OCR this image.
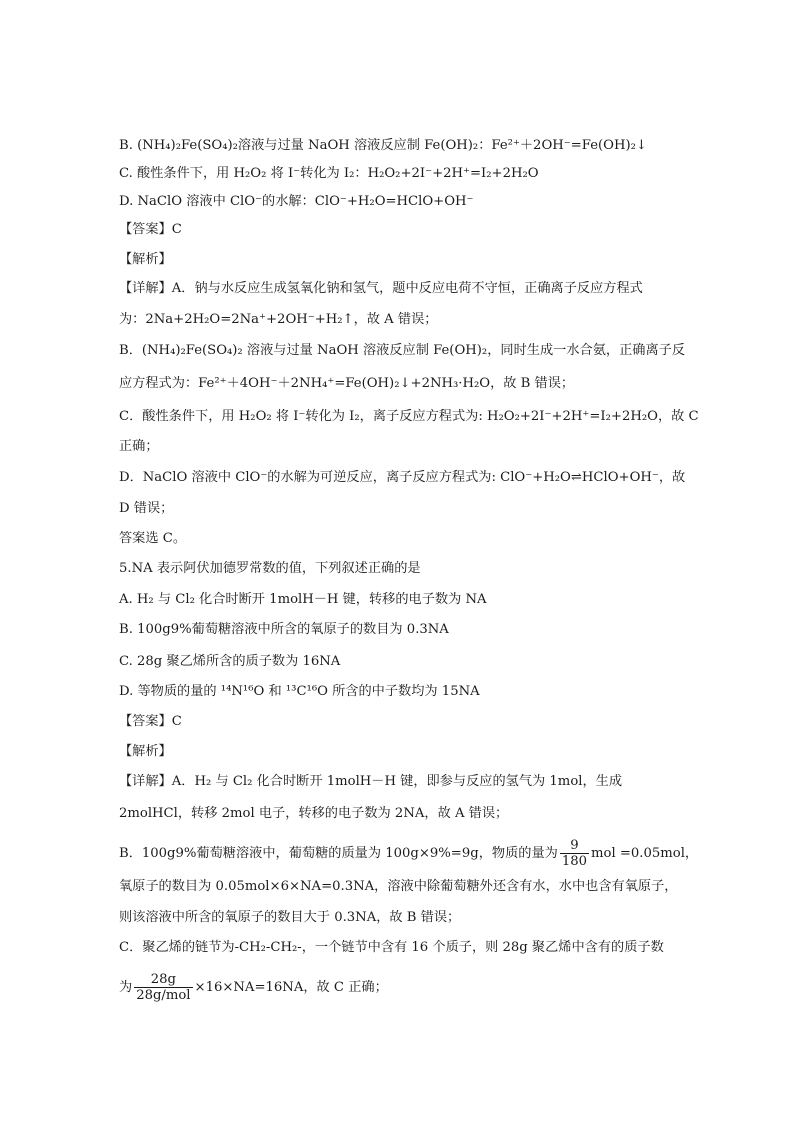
B. (NH₄)₂Fe(SO₄)₂溶液与过量 NaOH 溶液反应制 Fe(OH)₂：Fe²⁺＋2OH⁻=Fe(OH)₂↓
C. 酸性条件下，用 H₂O₂ 将 I⁻转化为 I₂：H₂O₂+2I⁻+2H⁺=I₂+2H₂O
D. NaClO 溶液中 ClO⁻的水解：ClO⁻+H₂O=HClO+OH⁻
【答案】C
【解析】
【详解】A．钠与水反应生成氢氧化钠和氢气，题中反应电荷不守恒，正确离子反应方程式
为：2Na+2H₂O=2Na⁺+2OH⁻+H₂↑，故 A 错误；
B．(NH₄)₂Fe(SO₄)₂ 溶液与过量 NaOH 溶液反应制 Fe(OH)₂，同时生成一水合氨，正确离子反
应方程式为：Fe²⁺＋4OH⁻＋2NH₄⁺=Fe(OH)₂↓+2NH₃·H₂O，故 B 错误；
C．酸性条件下，用 H₂O₂ 将 I⁻转化为 I₂，离子反应方程式为: H₂O₂+2I⁻+2H⁺=I₂+2H₂O，故 C
正确；
D．NaClO 溶液中 ClO⁻的水解为可逆反应，离子反应方程式为: ClO⁻+H₂O⇌HClO+OH⁻，故
D 错误；
答案选 C。
5.NA 表示阿伏加德罗常数的值，下列叙述正确的是
A. H₂ 与 Cl₂ 化合时断开 1molH－H 键，转移的电子数为 NA
B. 100g9%葡萄糖溶液中所含的氧原子的数目为 0.3NA
C. 28g 聚乙烯所含的质子数为 16NA
D. 等物质的量的 ¹⁴N¹⁶O 和 ¹³C¹⁶O 所含的中子数均为 15NA
【答案】C
【解析】
【详解】A．H₂ 与 Cl₂ 化合时断开 1molH－H 键，即参与反应的氢气为 1mol，生成
2molHCl，转移 2mol 电子，转移的电子数为 2NA，故 A 错误；
B．100g9%葡萄糖溶液中，葡萄糖的质量为 100g×9%=9g，物质的量为 $\frac{9}{180}$ mol =0.05mol，
氧原子的数目为 0.05mol×6×NA=0.3NA，溶液中除葡萄糖外还含有水，水中也含有氧原子，
则该溶液中所含的氧原子的数目大于 0.3NA，故 B 错误；
C．聚乙烯的链节为-CH₂-CH₂-，一个链节中含有 16 个质子，则 28g 聚乙烯中含有的质子数
为 $\frac{28g}{\text{28g/mol}} \times 16\times NA=16NA$，故 C 正确；
